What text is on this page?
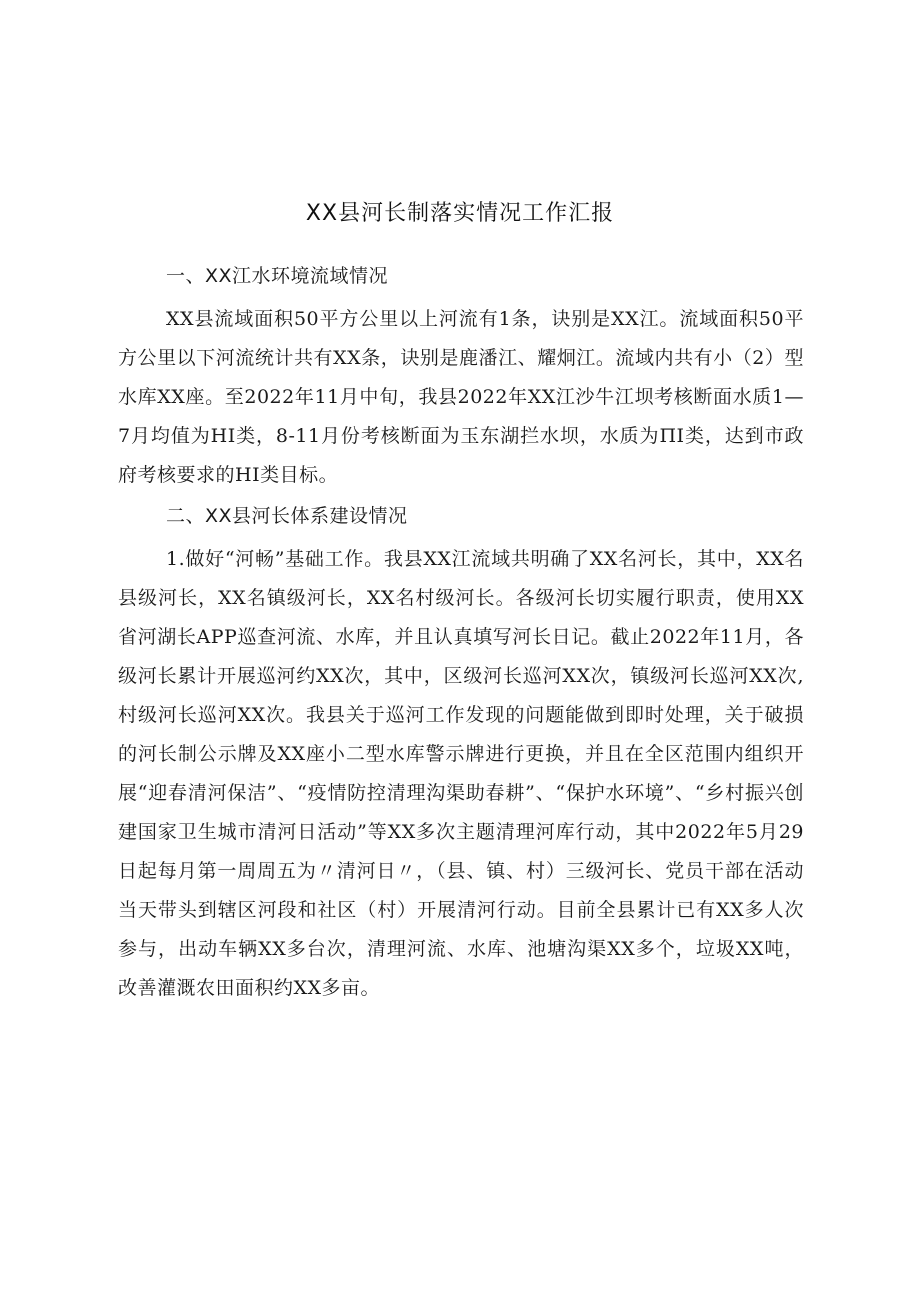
XX县河长制落实情况工作汇报
一、XX江水环境流域情况

XX县流域面积50平方公里以上河流有1条，诀别是XX江。流域面积50平方公里以下河流统计共有XX条，诀别是鹿潘江、耀炯江。流域内共有小（2）型水库XX座。至2022年11月中旬，我县2022年XX江沙牛江坝考核断面水质1—7月均值为HI类，8-11月份考核断面为玉东湖拦水坝，水质为ΠI类，达到市政府考核要求的HI类目标。

二、XX县河长体系建设情况

1.做好“河畅”基础工作。我县XX江流域共明确了XX名河长，其中，XX名县级河长，XX名镇级河长，XX名村级河长。各级河长切实履行职责，使用XX省河湖长APP巡查河流、水库，并且认真填写河长日记。截止2022年11月，各级河长累计开展巡河约XX次，其中，区级河长巡河XX次，镇级河长巡河XX次,村级河长巡河XX次。我县关于巡河工作发现的问题能做到即时处理，关于破损的河长制公示牌及XX座小二型水库警示牌进行更换，并且在全区范围内组织开展“迎春清河保洁”、“疫情防控清理沟渠助春耕”、“保护水环境”、“乡村振兴创建国家卫生城市清河日活动”等XX多次主题清理河库行动，其中2022年5月29日起每月第一周周五为〃清河日〃，（县、镇、村）三级河长、党员干部在活动当天带头到辖区河段和社区（村）开展清河行动。目前全县累计已有XX多人次参与，出动车辆XX多台次，清理河流、水库、池塘沟渠XX多个，垃圾XX吨，改善灌溉农田面积约XX多亩。
